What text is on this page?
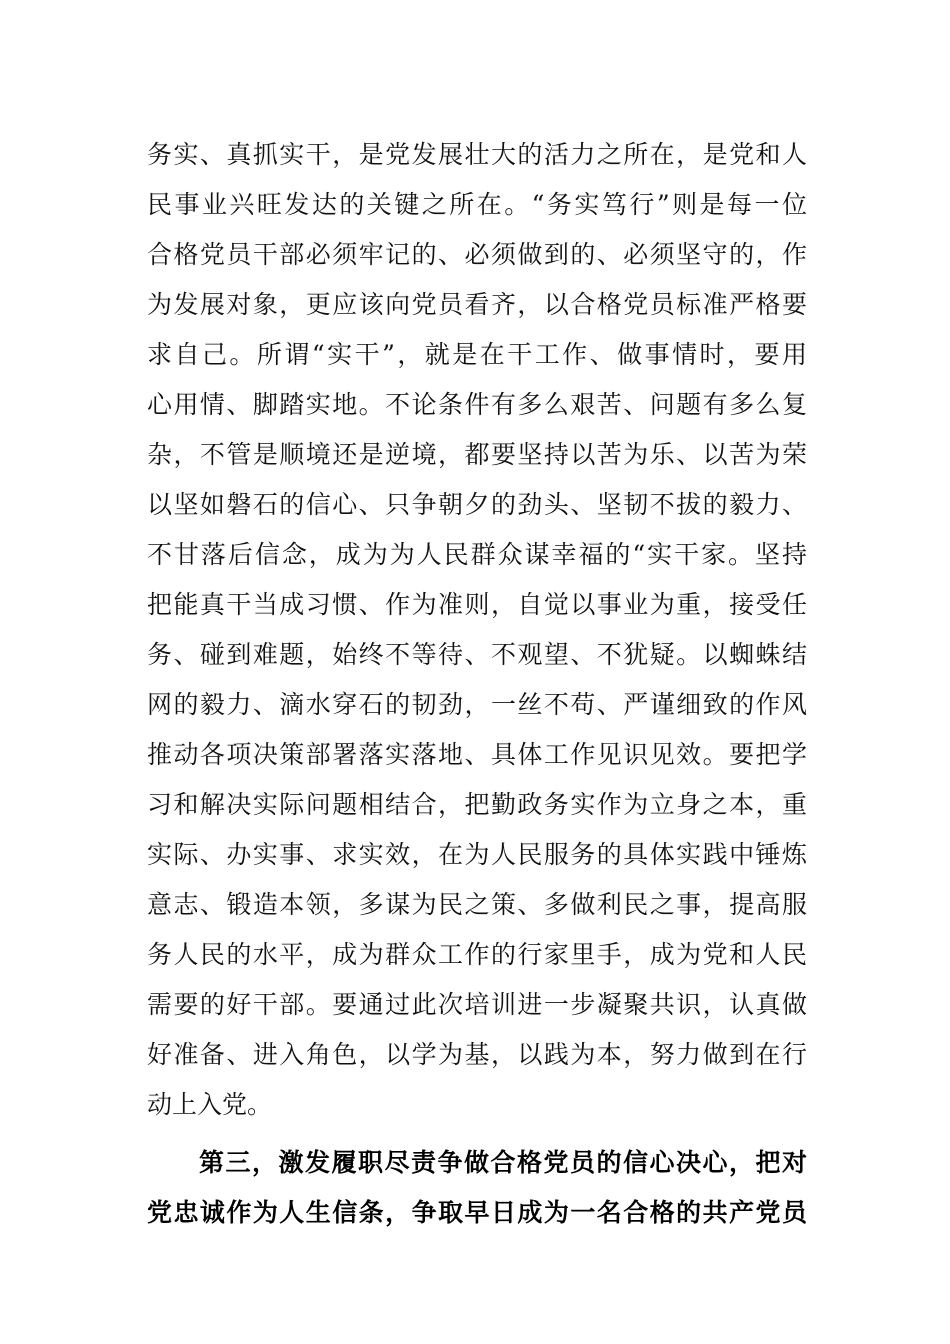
务实、真抓实干，是党发展壮大的活力之所在，是党和人
民事业兴旺发达的关键之所在。“务实笃行”则是每一位
合格党员干部必须牢记的、必须做到的、必须坚守的，作
为发展对象，更应该向党员看齐，以合格党员标准严格要
求自己。所谓“实干”，就是在干工作、做事情时，要用
心用情、脚踏实地。不论条件有多么艰苦、问题有多么复
杂，不管是顺境还是逆境，都要坚持以苦为乐、以苦为荣
以坚如磐石的信心、只争朝夕的劲头、坚韧不拔的毅力、
不甘落后信念，成为为人民群众谋幸福的“实干家。坚持
把能真干当成习惯、作为准则，自觉以事业为重，接受任
务、碰到难题，始终不等待、不观望、不犹疑。以蜘蛛结
网的毅力、滴水穿石的韧劲，一丝不苟、严谨细致的作风
推动各项决策部署落实落地、具体工作见识见效。要把学
习和解决实际问题相结合，把勤政务实作为立身之本，重
实际、办实事、求实效，在为人民服务的具体实践中锤炼
意志、锻造本领，多谋为民之策、多做利民之事，提高服
务人民的水平，成为群众工作的行家里手，成为党和人民
需要的好干部。要通过此次培训进一步凝聚共识，认真做
好准备、进入角色，以学为基，以践为本，努力做到在行
动上入党。
第三，激发履职尽责争做合格党员的信心决心，把对
党忠诚作为人生信条，争取早日成为一名合格的共产党员
